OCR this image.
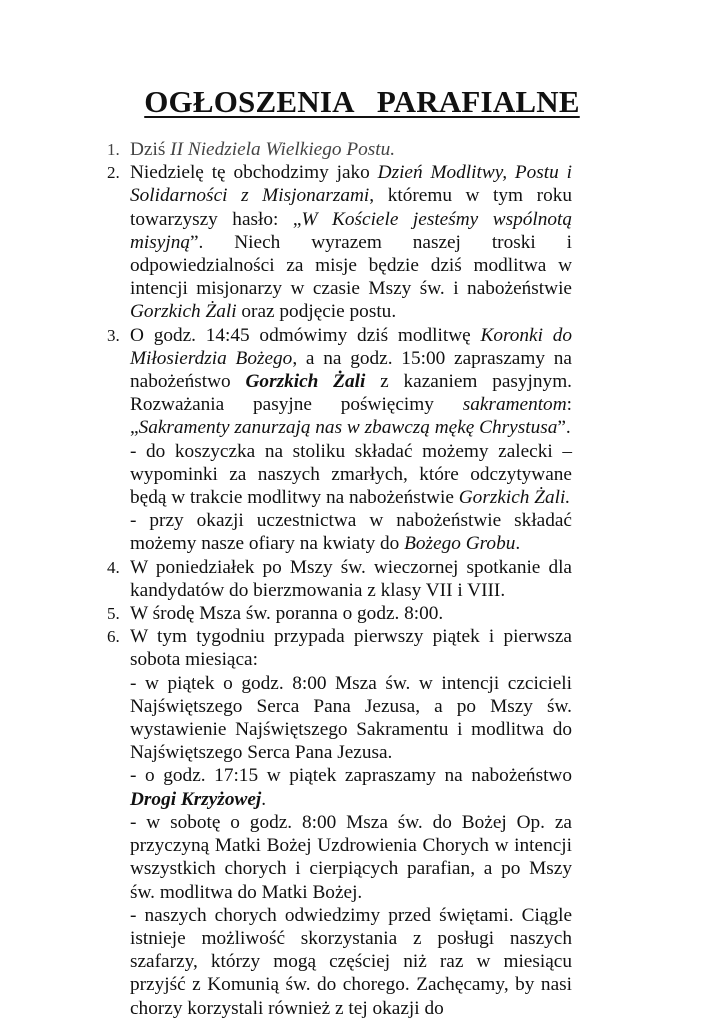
OGŁOSZENIA   PARAFIALNE
1. Dziś II Niedziela Wielkiego Postu.
2. Niedzielę tę obchodzimy jako Dzień Modlitwy, Postu i Solidarności z Misjonarzami, któremu w tym roku towarzyszy hasło: „W Kościele jesteśmy wspólnotą misyjną”. Niech wyrazem naszej troski i odpowiedzialności za misje będzie dziś modlitwa w intencji misjonarzy w czasie Mszy św. i nabożeństwie Gorzkich Żali oraz podjęcie postu.
3. O godz. 14:45 odmówimy dziś modlitwę Koronki do Miłosierdzia Bożego, a na godz. 15:00 zapraszamy na nabożeństwo Gorzkich Żali z kazaniem pasyjnym. Rozważania pasyjne poświęcimy sakramentom: „Sakramenty zanurzają nas w zbawczą mękę Chrystusa”.
- do koszyczka na stoliku składać możemy zalecki – wypominki za naszych zmarłych, które odczytywane będą w trakcie modlitwy na nabożeństwie Gorzkich Żali.
- przy okazji uczestnictwa w nabożeństwie składać możemy nasze ofiary na kwiaty do Bożego Grobu.
4. W poniedziałek po Mszy św. wieczornej spotkanie dla kandydatów do bierzmowania z klasy VII i VIII.
5. W środę Msza św. poranna o godz. 8:00.
6. W tym tygodniu przypada pierwszy piątek i pierwsza sobota miesiąca:
- w piątek o godz. 8:00 Msza św. w intencji czcicieli Najświętszego Serca Pana Jezusa, a po Mszy św. wystawienie Najświętszego Sakramentu i modlitwa do Najświętszego Serca Pana Jezusa.
- o godz. 17:15 w piątek zapraszamy na nabożeństwo Drogi Krzyżowej.
- w sobotę o godz. 8:00 Msza św. do Bożej Op. za przyczyną Matki Bożej Uzdrowienia Chorych w intencji wszystkich chorych i cierpiących parafian, a po Mszy św. modlitwa do Matki Bożej.
- naszych chorych odwiedzimy przed świętami. Ciągle istnieje możliwość skorzystania z posługi naszych szafarzy, którzy mogą częściej niż raz w miesiącu przyjść z Komunią św. do chorego. Zachęcamy, by nasi chorzy korzystali również z tej okazji do
